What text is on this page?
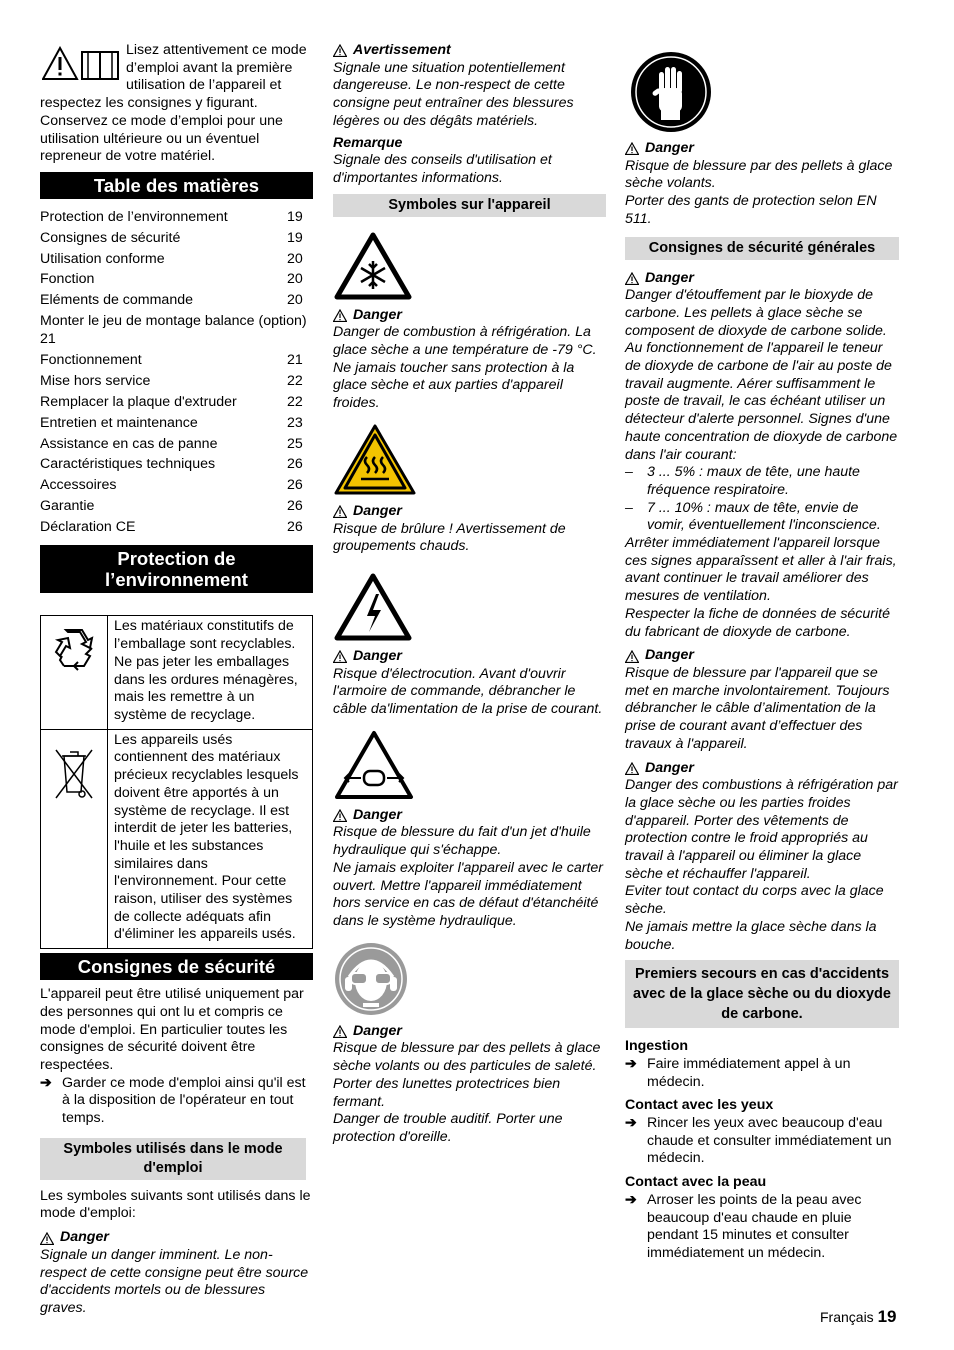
Lisez attentivement ce mode d’emploi avant la première utilisation de l’appareil et respectez les consignes y figurant. Conservez ce mode d’emploi pour une utilisation ultérieure ou un éventuel repreneur de votre matériel.

Table des matières
Protection de l’environnement	19
Consignes de sécurité	19
Utilisation conforme	20
Fonction	20
Eléments de commande	20
Monter le jeu de montage balance (option) 21
Fonctionnement	21
Mise hors service	22
Remplacer la plaque d'extruder	22
Entretien et maintenance	23
Assistance en cas de panne	25
Caractéristiques techniques	26
Accessoires	26
Garantie	26
Déclaration CE	26
Protection de l’environnement
	Les matériaux constitutifs de l’emballage sont recyclables. Ne pas jeter les emballages dans les ordures ménagères, mais les remettre à un système de recyclage.
	Les appareils usés contiennent des matériaux précieux recyclables lesquels doivent être apportés à un système de recyclage. Il est interdit de jeter les batteries, l'huile et les substances similaires dans l'environnement. Pour cette raison, utiliser des systèmes de collecte adéquats afin d'éliminer les appareils usés.
Consignes de sécurité

L'appareil peut être utilisé uniquement par des personnes qui ont lu et compris ce mode d'emploi. En particulier toutes les consignes de sécurité doivent être respectées.

➔ Garder ce mode d'emploi ainsi qu'il est à la disposition de l'opérateur en tout temps.
Symboles utilisés dans le mode d'emploi

Les symboles suivants sont utilisés dans le mode d'emploi:

Danger

Signale un danger imminent. Le non-respect de cette consigne peut être source d'accidents mortels ou de blessures graves.

Avertissement

Signale une situation potentiellement dangereuse. Le non-respect de cette consigne peut entraîner des blessures légères ou des dégâts matériels.

Remarque

Signale des conseils d'utilisation et d'importantes informations.

Symboles sur l'appareil
Danger

Danger de combustion à réfrigération. La glace sèche a une température de -79 °C. Ne jamais toucher sans protection à la glace sèche et aux parties d'appareil froides.

Danger

Risque de brûlure ! Avertissement de groupements chauds.

Danger

Risque d'électrocution. Avant d'ouvrir l'armoire de commande, débrancher le câble da'limentation de la prise de courant.

Danger

Risque de blessure du fait d'un jet d'huile hydraulique qui s'échappe.
Ne jamais exploiter l'appareil avec le carter ouvert. Mettre l'appareil immédiatement hors service en cas de défaut d'étanchéité dans le système hydraulique.

Danger

Risque de blessure par des pellets à glace sèche volants ou des particules de saleté. Porter des lunettes protectrices bien fermant.
Danger de trouble auditif. Porter une protection d'oreille.

Danger

Risque de blessure par des pellets à glace sèche volants.
Porter des gants de protection selon EN 511.

Consignes de sécurité générales
Danger

Danger d'étouffement par le bioxyde de carbone. Les pellets à glace sèche se composent de dioxyde de carbone solide. Au fonctionnement de l'appareil le teneur de dioxyde de carbone de l'air au poste de travail augmente. Aérer suffisamment le poste de travail, le cas échéant utiliser un détecteur d'alerte personnel. Signes d'une haute concentration de dioxyde de carbone dans l'air courant:

– 3 ... 5% : maux de tête, une haute fréquence respiratoire.
– 7 ... 10% : maux de tête, envie de vomir, éventuellement l'inconscience.

Arrêter immédiatement l'appareil lorsque ces signes apparaîssent et aller à l'air frais, avant continuer le travail améliorer des mesures de ventilation.
Respecter la fiche de données de sécurité du fabricant de dioxyde de carbone.

Danger

Risque de blessure par l'appareil que se met en marche involontairement. Toujours débrancher le câble d’alimentation de la prise de courant avant d’effectuer des travaux à l'appareil.

Danger

Danger des combustions à réfrigération par la glace sèche ou les parties froides d'appareil. Porter des vêtements de protection contre le froid appropriés au travail à l'appareil ou éliminer la glace sèche et réchauffer l'appareil.
Eviter tout contact du corps avec la glace sèche.
Ne jamais mettre la glace sèche dans la bouche.

Premiers secours en cas d'accidents avec de la glace sèche ou du dioxyde de carbone.

Ingestion

➔ Faire immédiatement appel à un médecin.

Contact avec les yeux

➔ Rincer les yeux avec beaucoup d'eau chaude et consulter immédiatement un médecin.

Contact avec la peau

➔ Arroser les points de la peau avec beaucoup d'eau chaude en pluie pendant 15 minutes et consulter immédiatement un médecin.
Français 19
